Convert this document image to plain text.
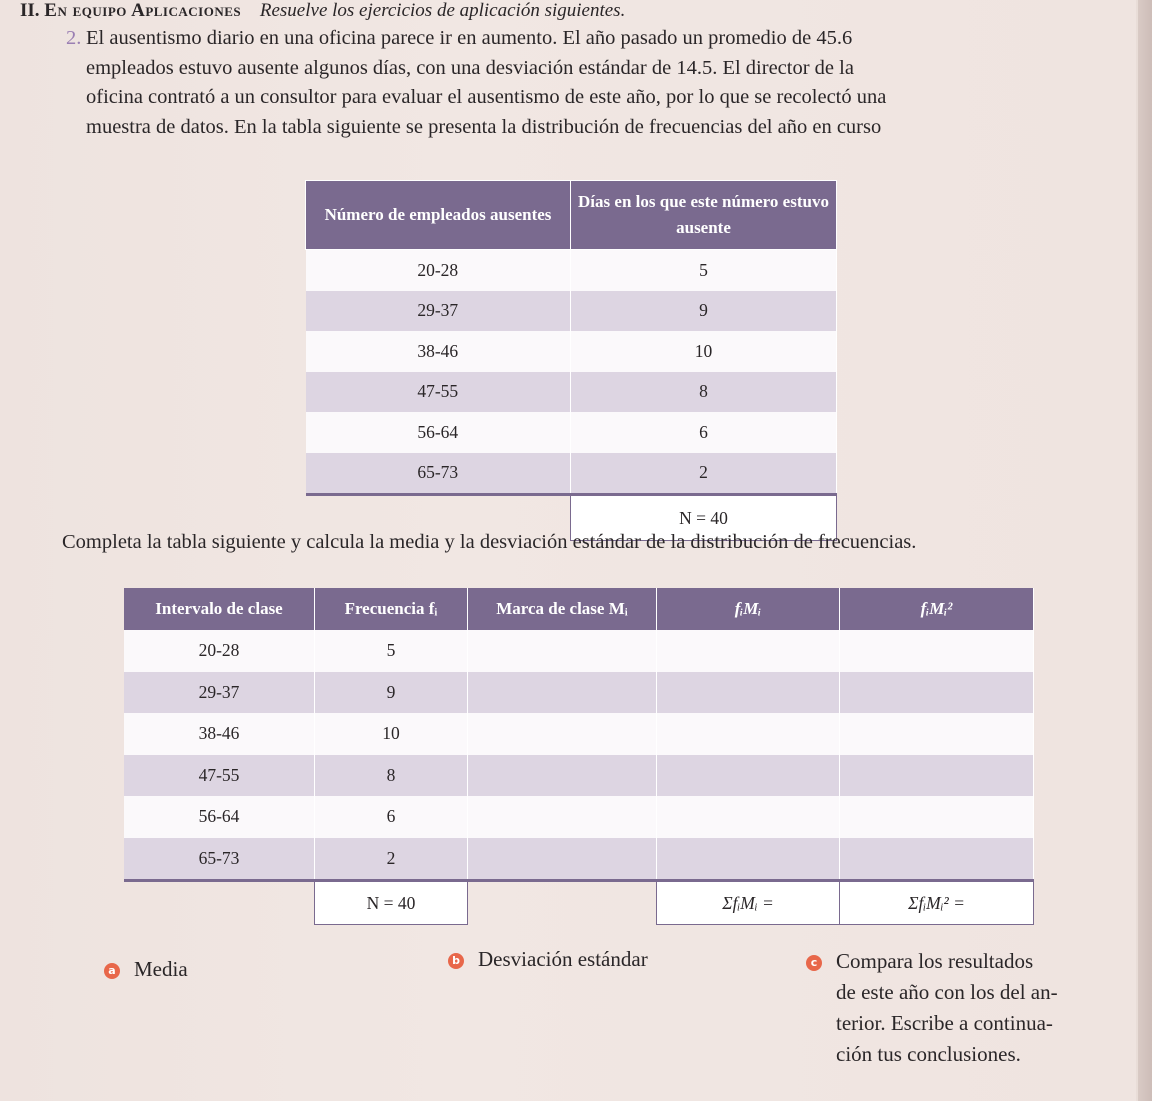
II. En equipo Aplicaciones Resuelve los ejercicios de aplicación siguientes.
2. El ausentismo diario en una oficina parece ir en aumento. El año pasado un promedio de 45.6
empleados estuvo ausente algunos días, con una desviación estándar de 14.5. El director de la
oficina contrató a un consultor para evaluar el ausentismo de este año, por lo que se recolectó una
muestra de datos. En la tabla siguiente se presenta la distribución de frecuencias del año en curso
Número de empleados ausentes	Días en los que este número estuvo ausente
20-28	5
29-37	9
38-46	10
47-55	8
56-64	6
65-73	2
	N = 40
Completa la tabla siguiente y calcula la media y la desviación estándar de la distribución de frecuencias.
Intervalo de clase	Frecuencia fᵢ	Marca de clase Mᵢ	fᵢMᵢ	fᵢMᵢ²
20-28	5			
29-37	9			
38-46	10			
47-55	8			
56-64	6			
65-73	2			
	N = 40		ΣfᵢMᵢ =	ΣfᵢMᵢ² =
a Media	b Desviación estándar	c Compara los resultados
de este año con los del an-
terior. Escribe a continua-
ción tus conclusiones.
